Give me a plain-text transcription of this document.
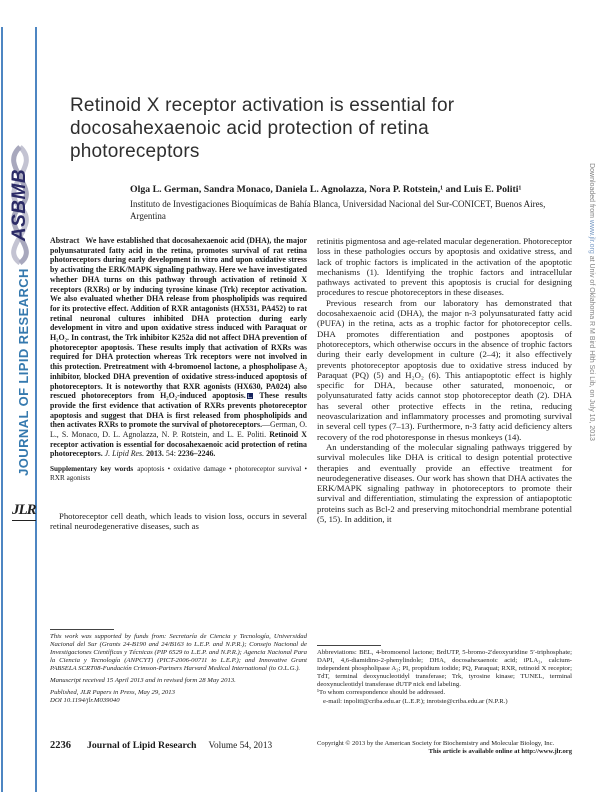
ASBMB
JOURNAL OF LIPID RESEARCH
JLR
Downloaded from www.jlr.org at Univ of Oklahoma R M Bird Hlth Sci Lib, on July 10, 2013
Retinoid X receptor activation is essential for docosahexaenoic acid protection of retina photoreceptors
Olga L. German, Sandra Monaco, Daniela L. Agnolazza, Nora P. Rotstein,¹ and Luis E. Politi¹
Instituto de Investigaciones Bioquímicas de Bahía Blanca, Universidad Nacional del Sur-CONICET, Buenos Aires, Argentina

Abstract We have established that docosahexaenoic acid (DHA), the major polyunsaturated fatty acid in the retina, promotes survival of rat retina photoreceptors during early development in vitro and upon oxidative stress by activating the ERK/MAPK signaling pathway. Here we have investigated whether DHA turns on this pathway through activation of retinoid X receptors (RXRs) or by inducing tyrosine kinase (Trk) receptor activation. We also evaluated whether DHA release from phospholipids was required for its protective effect. Addition of RXR antagonists (HX531, PA452) to rat retinal neuronal cultures inhibited DHA protection during early development in vitro and upon oxidative stress induced with Paraquat or H₂O₂. In contrast, the Trk inhibitor K252a did not affect DHA prevention of photoreceptor apoptosis. These results imply that activation of RXRs was required for DHA protection whereas Trk receptors were not involved in this protection. Pretreatment with 4-bromoenol lactone, a phospholipase A₂ inhibitor, blocked DHA prevention of oxidative stress-induced apoptosis of photoreceptors. It is noteworthy that RXR agonists (HX630, PA024) also rescued photoreceptors from H₂O₂-induced apoptosis. These results provide the first evidence that activation of RXRs prevents photoreceptor apoptosis and suggest that DHA is first released from phospholipids and then activates RXRs to promote the survival of photoreceptors.—German, O. L., S. Monaco, D. L. Agnolazza, N. P. Rotstein, and L. E. Politi. Retinoid X receptor activation is essential for docosahexaenoic acid protection of retina photoreceptors. J. Lipid Res. 2013. 54: 2236–2246.

Supplementary key words apoptosis • oxidative damage • photoreceptor survival • RXR agonists

Photoreceptor cell death, which leads to vision loss, occurs in several retinal neurodegenerative diseases, such as

retinitis pigmentosa and age-related macular degeneration. Photoreceptor loss in these pathologies occurs by apoptosis and oxidative stress, and lack of trophic factors is implicated in the activation of the apoptotic mechanisms (1). Identifying the trophic factors and intracellular pathways activated to prevent this apoptosis is crucial for designing procedures to rescue photoreceptors in these diseases.

Previous research from our laboratory has demonstrated that docosahexaenoic acid (DHA), the major n-3 polyunsaturated fatty acid (PUFA) in the retina, acts as a trophic factor for photoreceptor cells. DHA promotes differentiation and postpones apoptosis of photoreceptors, which otherwise occurs in the absence of trophic factors during their early development in culture (2–4); it also effectively prevents photoreceptor apoptosis due to oxidative stress induced by Paraquat (PQ) (5) and H₂O₂ (6). This antiapoptotic effect is highly specific for DHA, because other saturated, monoenoic, or polyunsaturated fatty acids cannot stop photoreceptor death (2). DHA has several other protective effects in the retina, reducing neovascularization and inflammatory processes and promoting survival in several cell types (7–13). Furthermore, n-3 fatty acid deficiency alters recovery of the rod photoresponse in rhesus monkeys (14).

An understanding of the molecular signaling pathways triggered by survival molecules like DHA is critical to design potential protective therapies and eventually provide an effective treatment for neurodegenerative diseases. Our work has shown that DHA activates the ERK/MAPK signaling pathway in photoreceptors to promote their survival and differentiation, stimulating the expression of antiapoptotic proteins such as Bcl-2 and preserving mitochondrial membrane potential (5, 15). In addition, it

This work was supported by funds from: Secretaría de Ciencia y Tecnología, Universidad Nacional del Sur (Grants 24-B190 and 24/B163 to L.E.P. and N.P.R.); Consejo Nacional de Investigaciones Científicas y Técnicas (PIP 6529 to L.E.P. and N.P.R.); Agencia Nacional Para la Ciencia y Tecnología (ANPCYT) (PICT-2006-00711 to L.E.P.); and Innovative Grant PABSELA SCRT08-Fundación Crimson-Partners Harvard Medical International (to O.L.G.).

Manuscript received 15 April 2013 and in revised form 28 May 2013.

Published, JLR Papers in Press, May 29, 2013

DOI 10.1194/jlr.M039040

Abbreviations: BEL, 4-bromoenol lactone; BrdUTP, 5-bromo-2′deoxyuridine 5′-triphosphate; DAPI, 4,6-diamidino-2-phenylindole; DHA, docosahexaenoic acid; iPLA₂, calcium-independent phospholipase A₂; PI, propidium iodide; PQ, Paraquat; RXR, retinoid X receptor; TdT, terminal deoxynucleotidyl transferase; Trk, tyrosine kinase; TUNEL, terminal deoxynucleotidyl transferase dUTP nick end labeling.

¹To whom correspondence should be addressed.

e-mail: inpoliti@criba.edu.ar (L.E.P.); inrotste@criba.edu.ar (N.P.R.)

Copyright © 2013 by the American Society for Biochemistry and Molecular Biology, Inc.
This article is available online at http://www.jlr.org
2236 Journal of Lipid Research Volume 54, 2013
